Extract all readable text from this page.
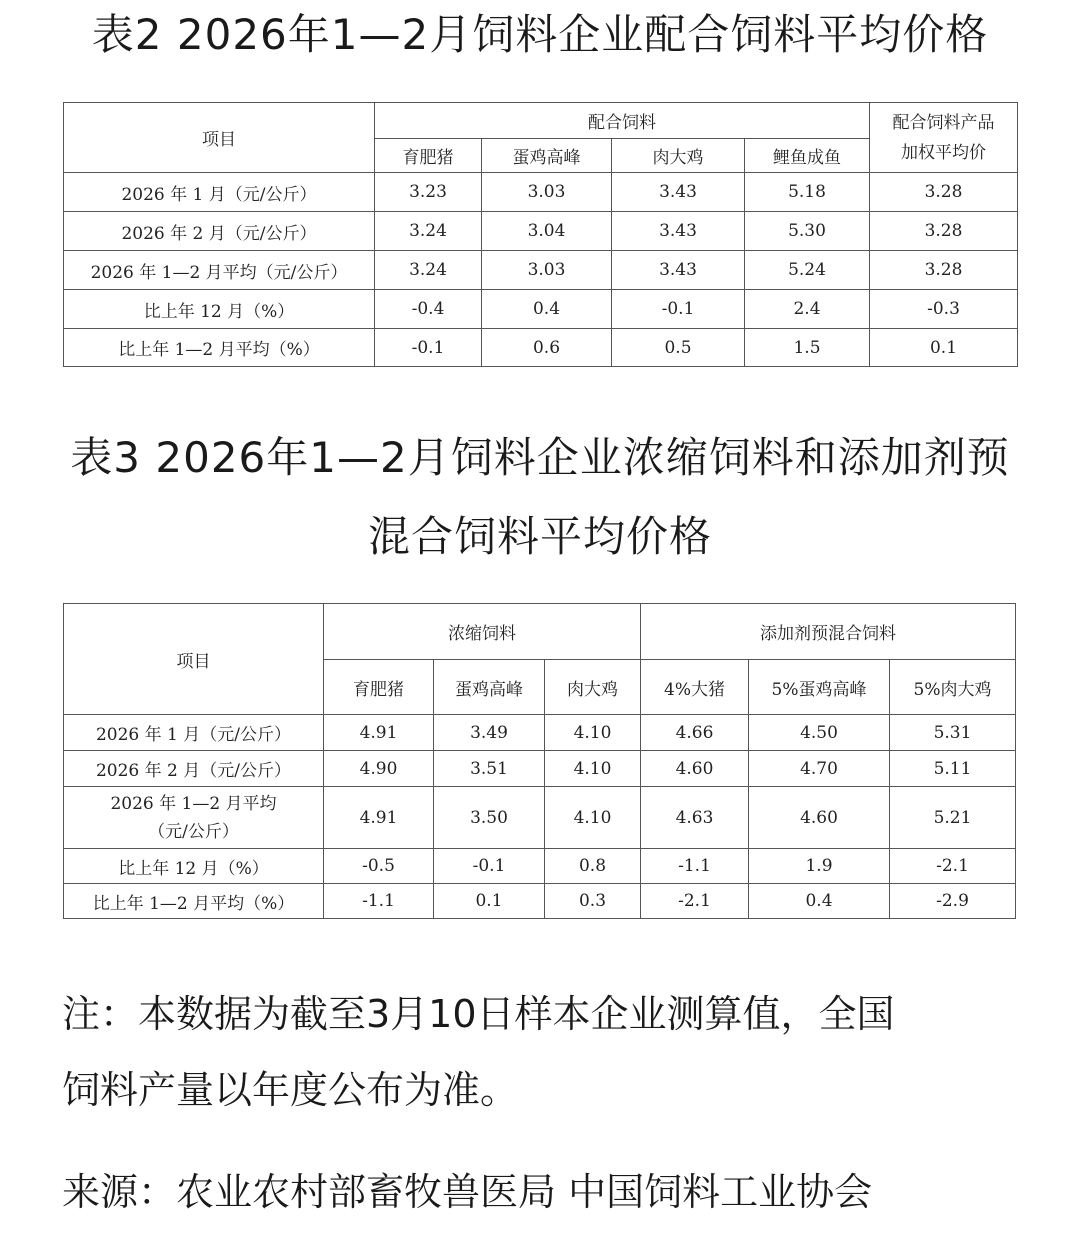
表2 2026年1—2月饲料企业配合饲料平均价格
项目	配合饲料				配合饲料产品
加权平均价

	育肥猪	蛋鸡高峰	肉大鸡	鲤鱼成鱼	
2026 年 1 月（元/公斤）	3.23	3.03	3.43	5.18	3.28
2026 年 2 月（元/公斤）	3.24	3.04	3.43	5.30	3.28
2026 年 1—2 月平均（元/公斤）	3.24	3.03	3.43	5.24	3.28
比上年 12 月（%）	-0.4	0.4	-0.1	2.4	-0.3
比上年 1—2 月平均（%）	-0.1	0.6	0.5	1.5	0.1
表3 2026年1—2月饲料企业浓缩饲料和添加剂预
混合饲料平均价格
项目	浓缩饲料			添加剂预混合饲料		
	育肥猪	蛋鸡高峰	肉大鸡	4%大猪	5%蛋鸡高峰	5%肉大鸡
2026 年 1 月（元/公斤）	4.91	3.49	4.10	4.66	4.50	5.31
2026 年 2 月（元/公斤）	4.90	3.51	4.10	4.60	4.70	5.11

2026 年 1—2 月平均
（元/公斤）	4.91	3.50	4.10	4.63	4.60	5.21
比上年 12 月（%）	-0.5	-0.1	0.8	-1.1	1.9	-2.1
比上年 1—2 月平均（%）	-1.1	0.1	0.3	-2.1	0.4	-2.9
注：本数据为截至3月10日样本企业测算值，全国
饲料产量以年度公布为准。
来源：农业农村部畜牧兽医局 中国饲料工业协会
